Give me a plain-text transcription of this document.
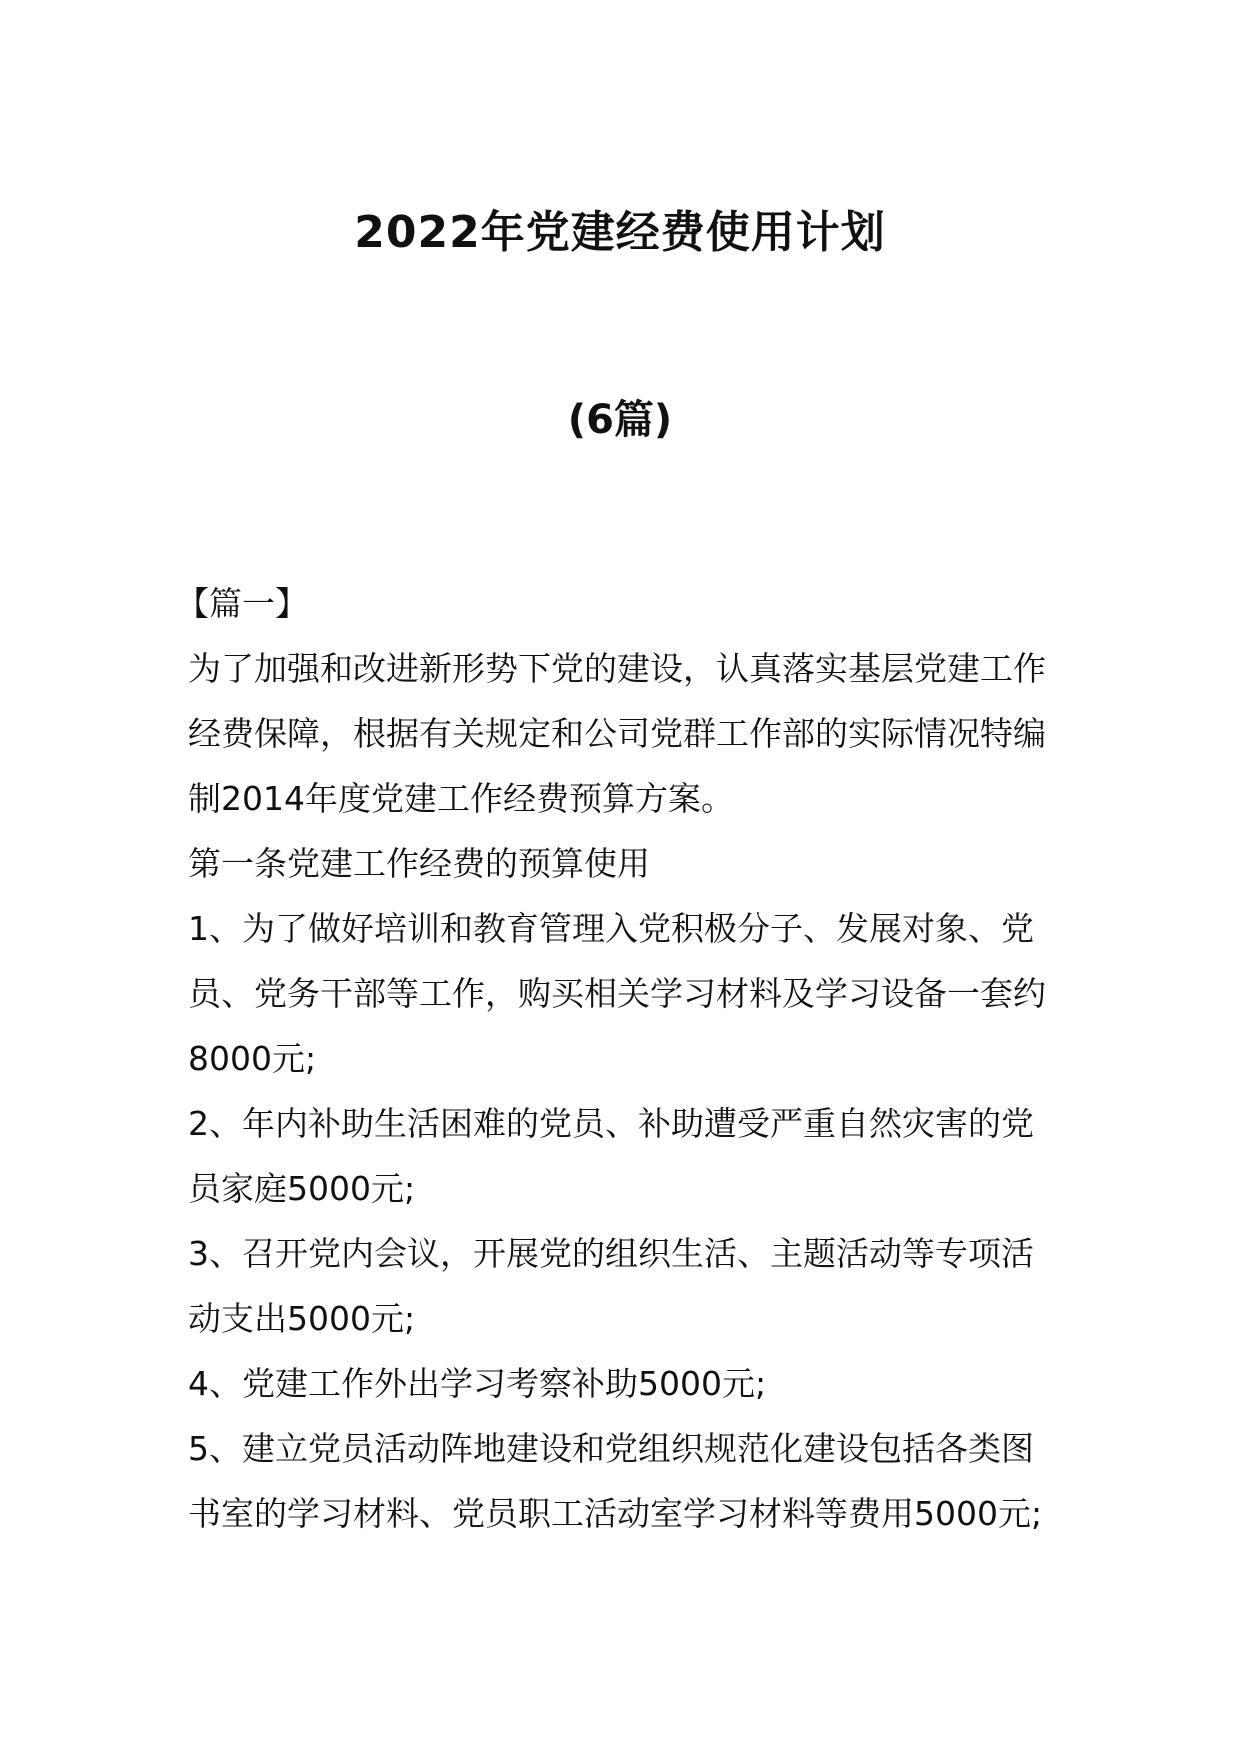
2022年党建经费使用计划
(6篇)

【篇一】

为了加强和改进新形势下党的建设，认真落实基层党建工作经费保障，根据有关规定和公司党群工作部的实际情况特编制2014年度党建工作经费预算方案。

第一条党建工作经费的预算使用

1、为了做好培训和教育管理入党积极分子、发展对象、党员、党务干部等工作，购买相关学习材料及学习设备一套约8000元;

2、年内补助生活困难的党员、补助遭受严重自然灾害的党员家庭5000元;

3、召开党内会议，开展党的组织生活、主题活动等专项活动支出5000元;

4、党建工作外出学习考察补助5000元;

5、建立党员活动阵地建设和党组织规范化建设包括各类图书室的学习材料、党员职工活动室学习材料等费用5000元;
